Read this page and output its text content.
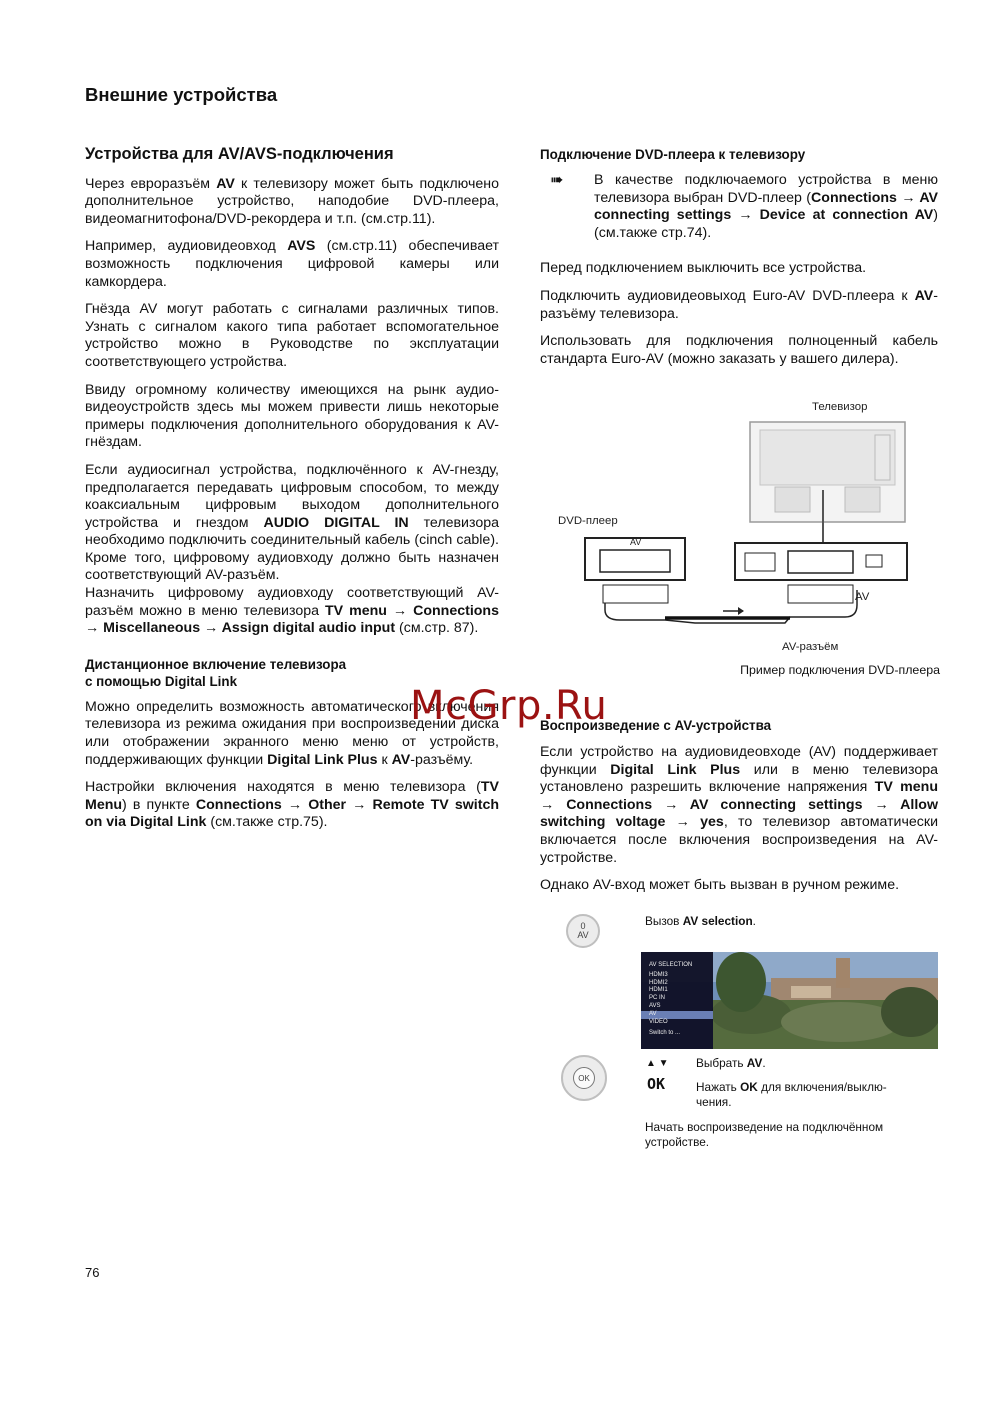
Внешние устройства
Устройства для AV/AVS-подключения

Через евроразъём AV к телевизору может быть подключено дополнительное устройство, наподобие DVD-плеера, видеомагнитофона/DVD-рекордера и т.п. (см.стр.11).

Например, аудиовидеовход AVS (см.стр.11) обеспечивает возможность подключения цифровой камеры или камкордера.

Гнёзда AV могут работать с сигналами различных типов. Узнать с сигналом какого типа работает вспомогательное устройство можно в Руководстве по эксплуатации соответствующего устройства.

Ввиду огромному количеству имеющихся на рынк аудио-видеоустройств здесь мы можем привести лишь некоторые примеры подключения дополнительного оборудования к AV-гнёздам.

Если аудиосигнал устройства, подключённого к AV-гнезду, предполагается передавать цифровым способом, то между коаксиальным цифровым выходом дополнительного устройства и гнездом AUDIO DIGITAL IN телевизора необходимо подключить соединительный кабель (cinch cable). Кроме того, цифровому аудиовходу должно быть назначен соответствующий AV-разъём.

Назначить цифровому аудиовходу соответствующий AV-разъём можно в меню телевизора TV menu → Connections → Miscellaneous → Assign digital audio input (см.стр. 87).

Дистанционное включение телевизора
с помощью Digital Link

Можно определить возможность автоматического включения телевизора из режима ожидания при воспроизведении диска или отображении экранного меню меню от устройств, поддерживающих функции Digital Link Plus к AV-разъёму.

Настройки включения находятся в меню телевизора (TV Menu) в пункте Connections → Other → Remote TV switch on via Digital Link (см.также стр.75).

Подключение DVD-плеера к телевизору
➠	В качестве подключаемого устройства в меню телевизора выбран DVD-плеер (Connections → AV connecting settings → Device at connection AV) (см.также стр.74).

Перед подключением выключить все устройства.

Подключить аудиовидеовыход Euro-AV DVD-плеера к AV-разъёму телевизора.

Использовать для подключения полноценный кабель стандарта Euro-AV (можно заказать у вашего дилера).

Телевизор
DVD-плеер
AV
AV
AV-разъём
Пример подключения DVD-плеера
McGrp.Ru
Воспроизведение с AV-устройства

Если устройство на аудиовидеовходе (AV) поддерживает функции Digital Link Plus или в меню телевизора установлено разрешить включение напряжения TV menu → Connections → AV connecting settings → Allow switching voltage → yes, то телевизор автоматически включается после включения воспроизведения на AV-устройстве.

Однако AV-вход может быть вызван в ручном режиме.

0
AV
Вызов AV selection.
AV SELECTION
HDMI3
HDMI2
HDMI1
PC IN
AVS
AV
VIDEO
Switch to ...
OK
▲ ▼
OK
Выбрать AV.
Нажать OK для включения/выклю-
чения.
Начать воспроизведение на подключённом
устройстве.
76
